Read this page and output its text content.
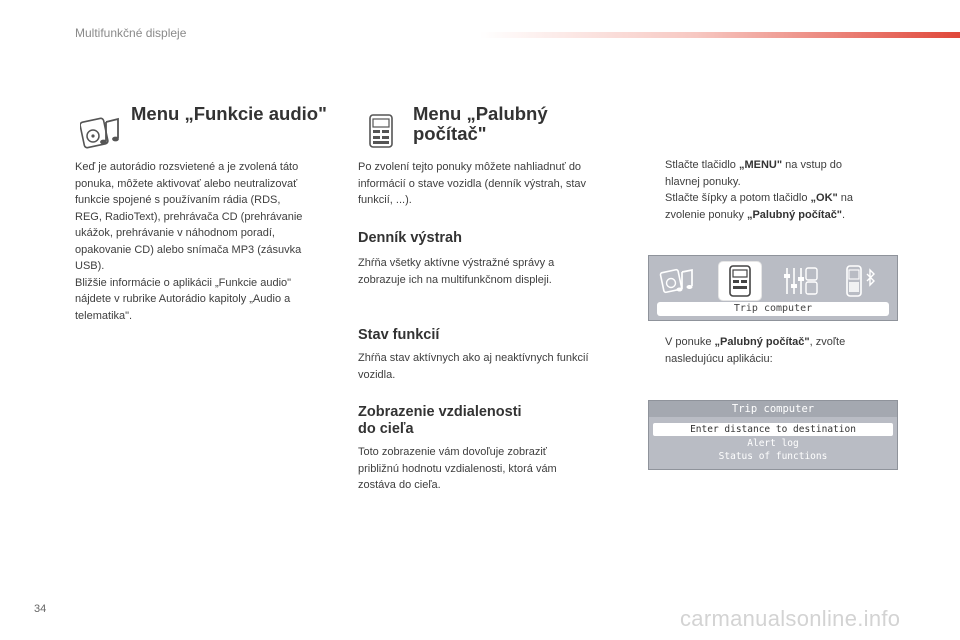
Multifunkčné displeje
Menu „Funkcie audio"
Keď je autorádio rozsvietené a je zvolená táto
ponuka, môžete aktivovať alebo neutralizovať
funkcie spojené s používaním rádia (RDS,
REG, RadioText), prehrávača CD (prehrávanie
ukážok, prehrávanie v náhodnom poradí,
opakovanie CD) alebo snímača MP3 (zásuvka
USB).
Bližšie informácie o aplikácii „Funkcie audio"
nájdete v rubrike Autorádio kapitoly „Audio a
telematika".
Menu „Palubný
počítač"
Po zvolení tejto ponuky môžete nahliadnuť do
informácií o stave vozidla (denník výstrah, stav
funkcií, ...).
Denník výstrah
Zhŕňa všetky aktívne výstražné správy a
zobrazuje ich na multifunkčnom displeji.
Stav funkcií
Zhŕňa stav aktívnych ako aj neaktívnych funkcií
vozidla.
Zobrazenie vzdialenosti
do cieľa
Toto zobrazenie vám dovoľuje zobraziť
približnú hodnotu vzdialenosti, ktorá vám
zostáva do cieľa.
Stlačte tlačidlo „MENU" na vstup do
hlavnej ponuky.
Stlačte šípky a potom tlačidlo „OK" na
zvolenie ponuky „Palubný počítač".
Trip computer
V ponuke „Palubný počítač", zvoľte
nasledujúcu aplikáciu:
Trip computer
Enter distance to destination
Alert log
Status of functions
34	carmanualsonline.info
